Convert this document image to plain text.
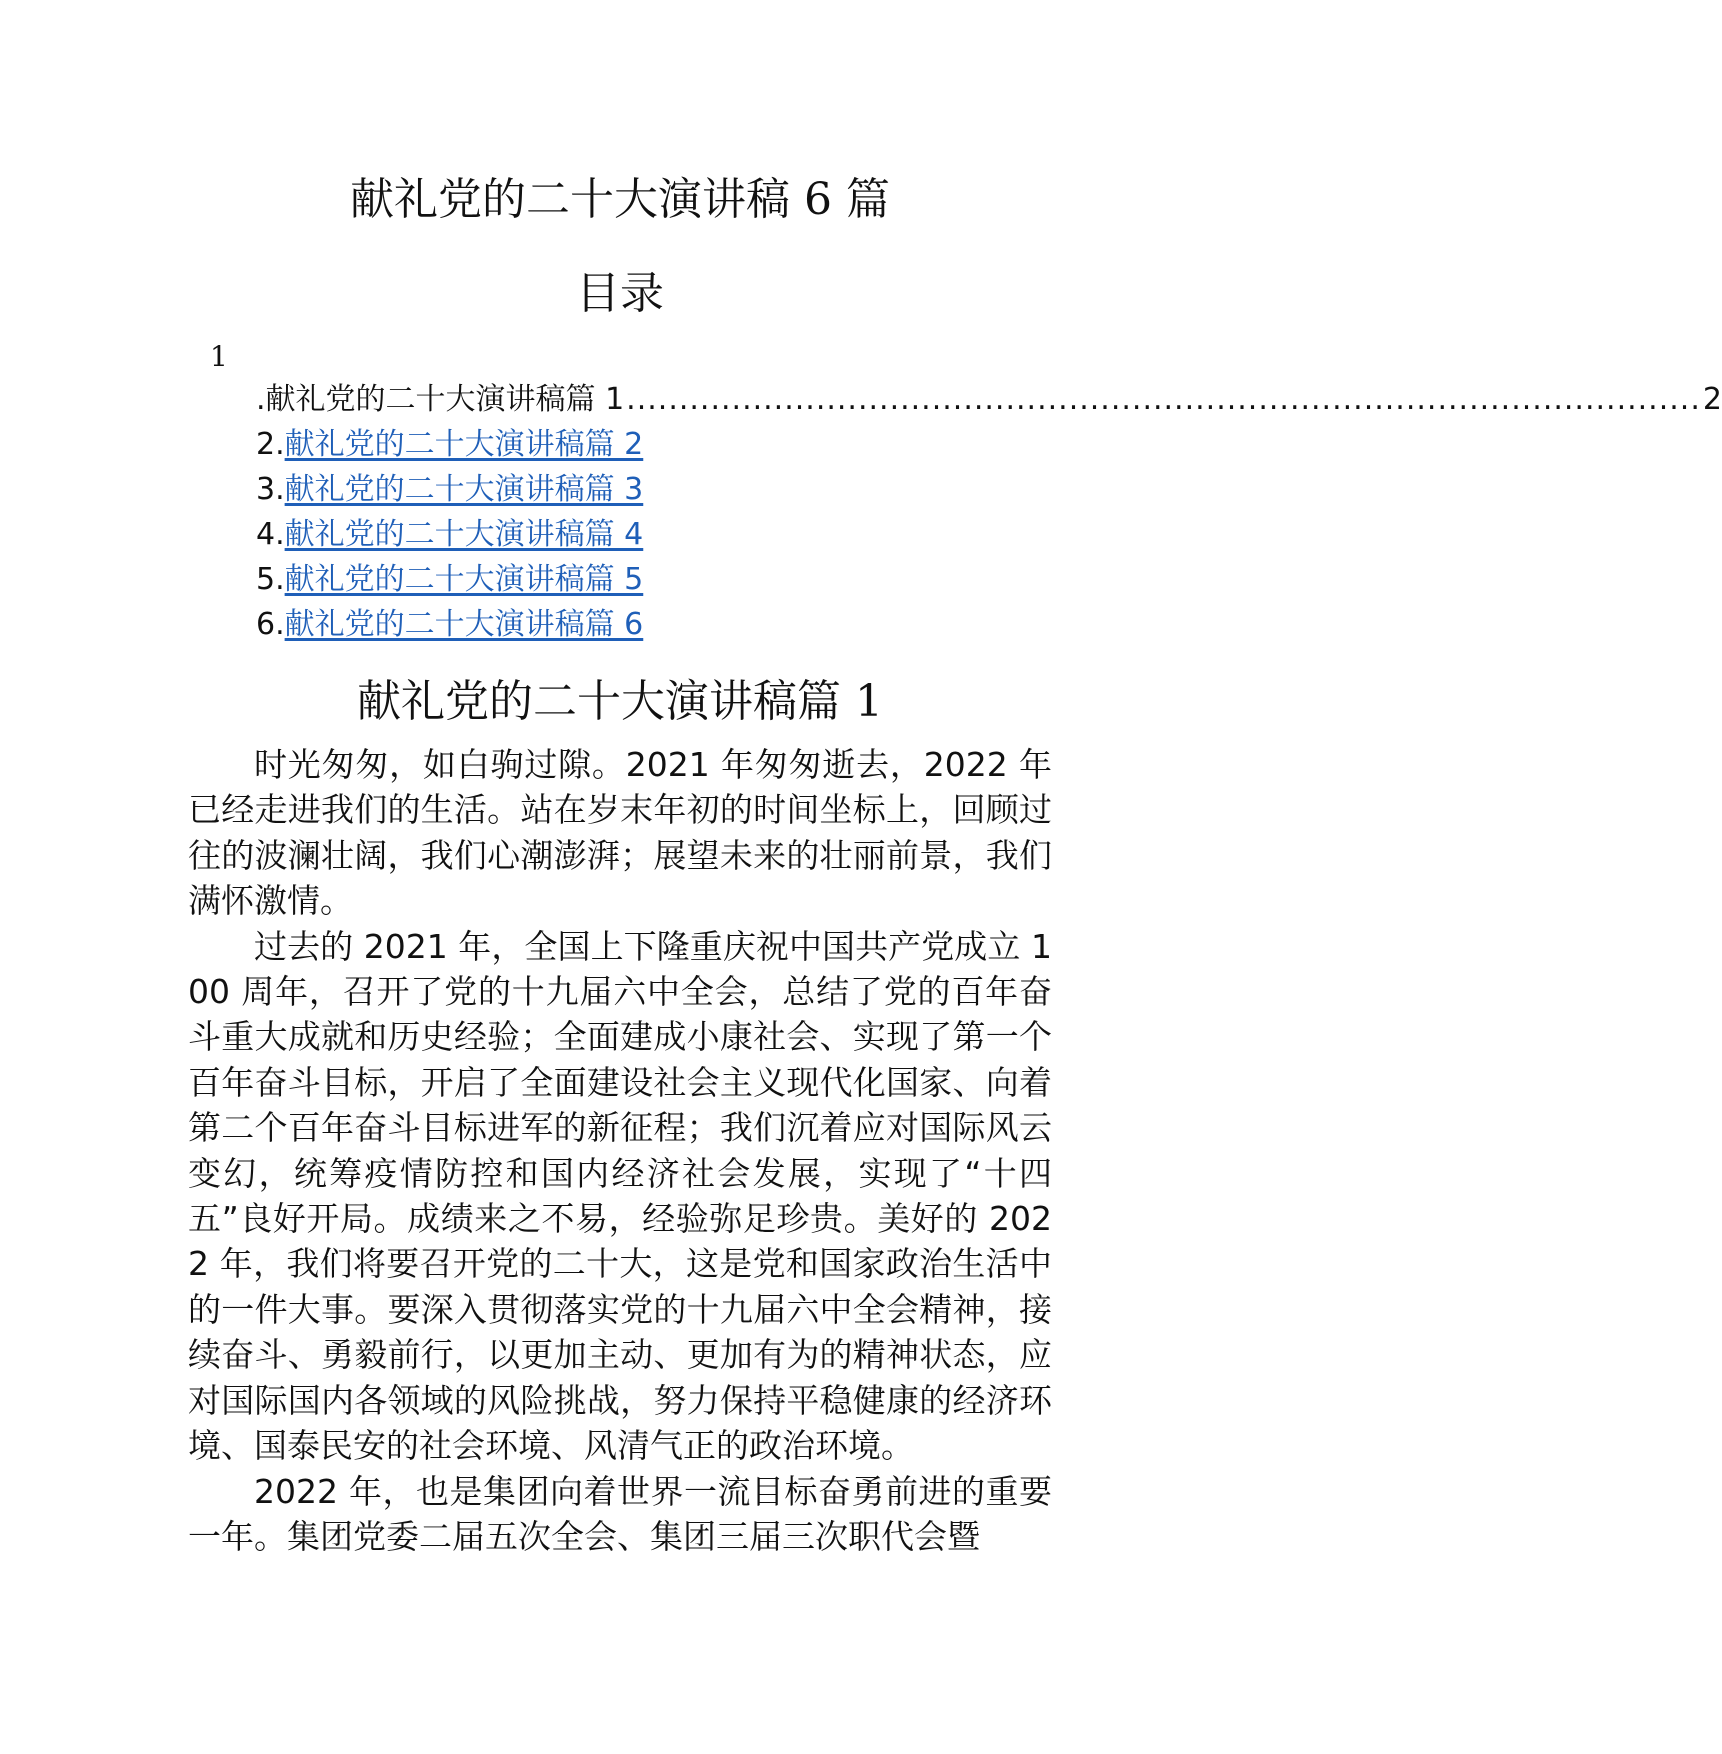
献礼党的二十大演讲稿 6 篇
目录
1
.献礼党的二十大演讲稿篇 1 ...................................................................................................... 2
2.献礼党的二十大演讲稿篇 2
3.献礼党的二十大演讲稿篇 3
4.献礼党的二十大演讲稿篇 4
5.献礼党的二十大演讲稿篇 5
6.献礼党的二十大演讲稿篇 6
献礼党的二十大演讲稿篇 1

时光匆匆，如白驹过隙。2021 年匆匆逝去，2022 年已经走进我们的生活。站在岁末年初的时间坐标上，回顾过往的波澜壮阔，我们心潮澎湃；展望未来的壮丽前景，我们满怀激情。

过去的 2021 年，全国上下隆重庆祝中国共产党成立 100 周年，召开了党的十九届六中全会，总结了党的百年奋斗重大成就和历史经验；全面建成小康社会、实现了第一个百年奋斗目标，开启了全面建设社会主义现代化国家、向着第二个百年奋斗目标进军的新征程；我们沉着应对国际风云变幻，统筹疫情防控和国内经济社会发展，实现了“十四五”良好开局。成绩来之不易，经验弥足珍贵。美好的 2022 年，我们将要召开党的二十大，这是党和国家政治生活中的一件大事。要深入贯彻落实党的十九届六中全会精神，接续奋斗、勇毅前行，以更加主动、更加有为的精神状态，应对国际国内各领域的风险挑战，努力保持平稳健康的经济环境、国泰民安的社会环境、风清气正的政治环境。

2022 年，也是集团向着世界一流目标奋勇前进的重要一年。集团党委二届五次全会、集团三届三次职代会暨
